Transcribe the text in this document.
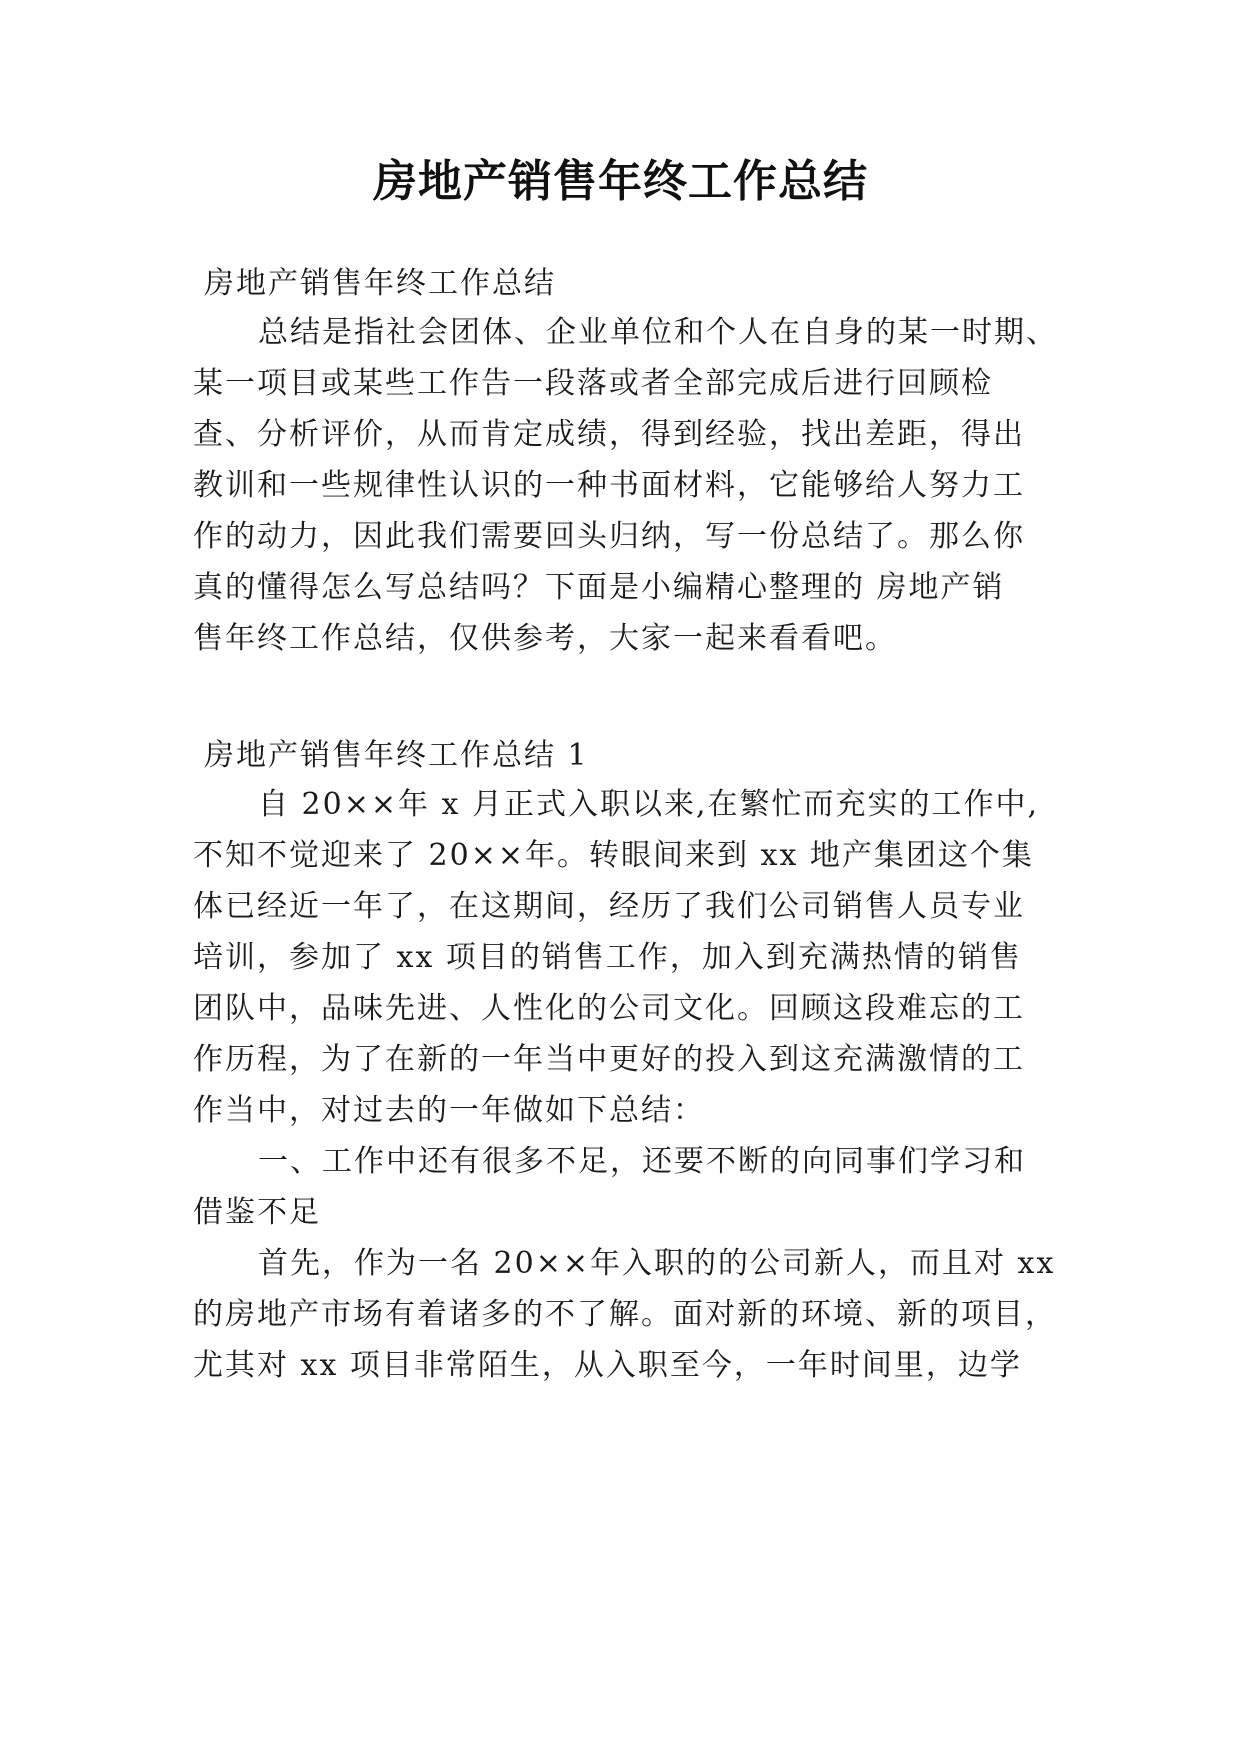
房地产销售年终工作总结

房地产销售年终工作总结

总结是指社会团体、企业单位和个人在自身的某一时期、

某一项目或某些工作告一段落或者全部完成后进行回顾检

查、分析评价，从而肯定成绩，得到经验，找出差距，得出

教训和一些规律性认识的一种书面材料，它能够给人努力工

作的动力，因此我们需要回头归纳，写一份总结了。那么你

真的懂得怎么写总结吗？下面是小编精心整理的 房地产销

售年终工作总结，仅供参考，大家一起来看看吧。

房地产销售年终工作总结 1

自 20××年 x 月正式入职以来,在繁忙而充实的工作中,

不知不觉迎来了 20××年。转眼间来到 xx 地产集团这个集

体已经近一年了，在这期间，经历了我们公司销售人员专业

培训，参加了 xx 项目的销售工作，加入到充满热情的销售

团队中，品味先进、人性化的公司文化。回顾这段难忘的工

作历程，为了在新的一年当中更好的投入到这充满激情的工

作当中，对过去的一年做如下总结：

一、工作中还有很多不足，还要不断的向同事们学习和

借鉴不足

首先，作为一名 20××年入职的的公司新人，而且对 xx

的房地产市场有着诸多的不了解。面对新的环境、新的项目，

尤其对 xx 项目非常陌生，从入职至今，一年时间里，边学
